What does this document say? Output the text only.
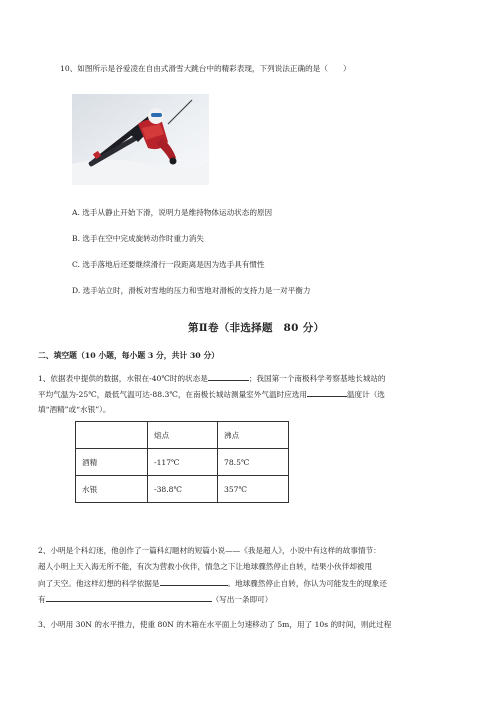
10、如图所示是谷爱凌在自由式滑雪大跳台中的精彩表现，下列说法正确的是（　　）
A. 选手从静止开始下滑，说明力是维持物体运动状态的原因
B. 选手在空中完成旋转动作时重力消失
C. 选手落地后还要继续滑行一段距离是因为选手具有惯性
D. 选手站立时，滑板对雪地的压力和雪地对滑板的支持力是一对平衡力
第Ⅱ卷（非选择题　80 分）
二、填空题（10 小题，每小题 3 分，共计 30 分）
1、依据表中提供的数据，水银在-40℃时的状态是	；我国第一个南极科学考察基地长城站的
平均气温为-25℃，最低气温可达-88.3℃，在南极长城站测量室外气温时应选用	温度计（选
填“酒精”或“水银”）。
	熔点	沸点
酒精	-117℃	78.5℃
水银	-38.8℃	357℃
2、小明是个科幻迷，他创作了一篇科幻题材的短篇小说——《我是超人》，小说中有这样的故事情节：
超人小明上天入海无所不能，有次为营救小伙伴，情急之下让地球骤然停止自转，结果小伙伴却被甩
向了天空。他这样幻想的科学依据是	。地球骤然停止自转，你认为可能发生的现象还
有	（写出一条即可）
3、小明用 30N 的水平推力，使重 80N 的木箱在水平面上匀速移动了 5m，用了 10s 的时间，则此过程
